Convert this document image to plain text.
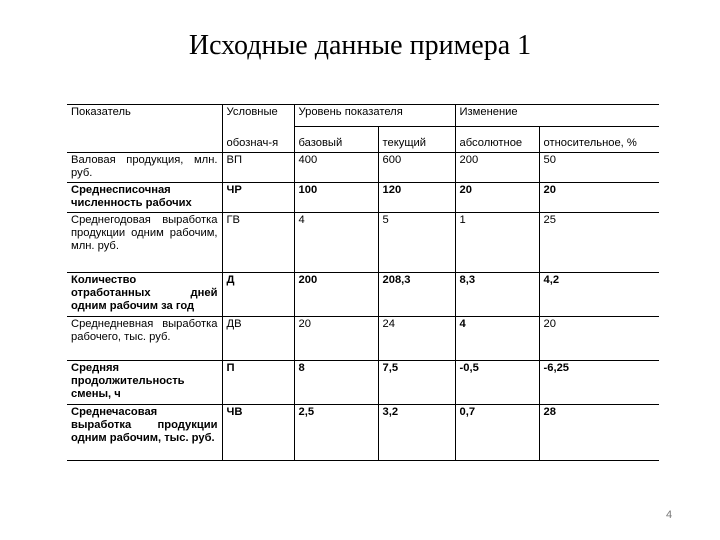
Исходные данные примера 1
Показатель	Условные	Уровень показателя		Изменение	
	обознач-я	базовый	текущий	абсолютное	относительное, %
Валовая продукция, млн. руб.	ВП	400	600	200	50
Среднесписочная численность рабочих	ЧР	100	120	20	20
Среднегодовая выработка продукции одним рабочим, млн. руб.	ГВ	4	5	1	25
Количество отработанных дней одним рабочим за год	Д	200	208,3	8,3	4,2
Среднедневная выработка рабочего, тыс. руб.	ДВ	20	24	4	20
Средняя продолжительность смены, ч	П	8	7,5	-0,5	-6,25
Среднечасовая выработка продукции одним рабочим, тыс. руб.	ЧВ	2,5	3,2	0,7	28
4
